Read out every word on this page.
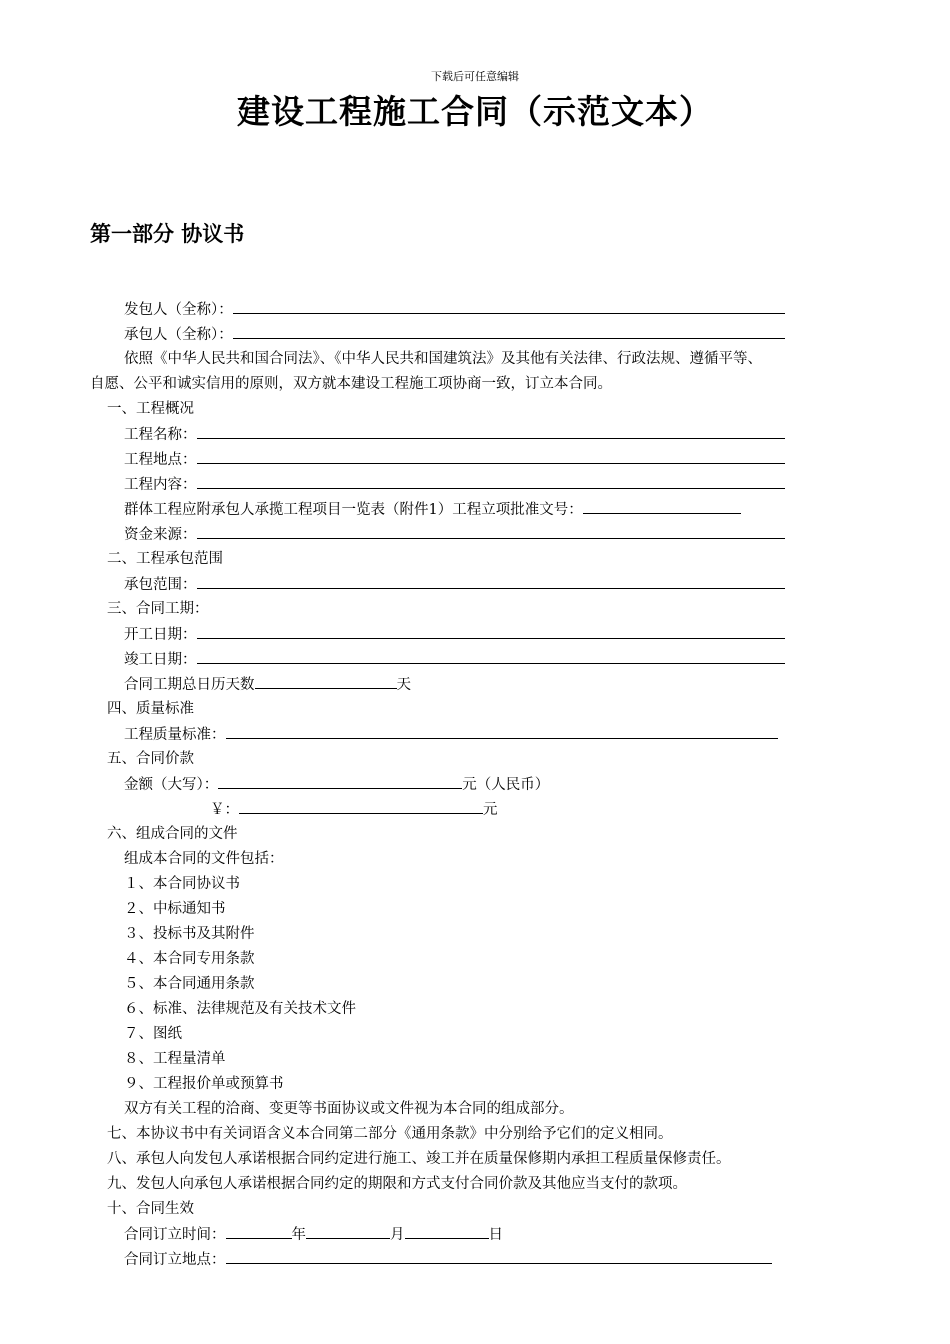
下载后可任意编辑
建设工程施工合同（示范文本）
第一部分 协议书
发包人（全称）：
承包人（全称）：
依照《中华人民共和国合同法》、《中华人民共和国建筑法》及其他有关法律、行政法规、遵循平等、
自愿、公平和诚实信用的原则，双方就本建设工程施工项协商一致，订立本合同。
一、工程概况
工程名称：
工程地点：
工程内容：
群体工程应附承包人承揽工程项目一览表（附件1）工程立项批准文号：
资金来源：
二、工程承包范围
承包范围：
三、合同工期：
开工日期：
竣工日期：
合同工期总日历天数	天
四、质量标准
工程质量标准：
五、合同价款
金额（大写）：	元（人民币）
￥：	元
六、组成合同的文件
组成本合同的文件包括：
１、本合同协议书
２、中标通知书
３、投标书及其附件
４、本合同专用条款
５、本合同通用条款
６、标准、法律规范及有关技术文件
７、图纸
８、工程量清单
９、工程报价单或预算书
双方有关工程的洽商、变更等书面协议或文件视为本合同的组成部分。
七、本协议书中有关词语含义本合同第二部分《通用条款》中分别给予它们的定义相同。
八、承包人向发包人承诺根据合同约定进行施工、竣工并在质量保修期内承担工程质量保修责任。
九、发包人向承包人承诺根据合同约定的期限和方式支付合同价款及其他应当支付的款项。
十、合同生效
合同订立时间：	年	月	日
合同订立地点：
